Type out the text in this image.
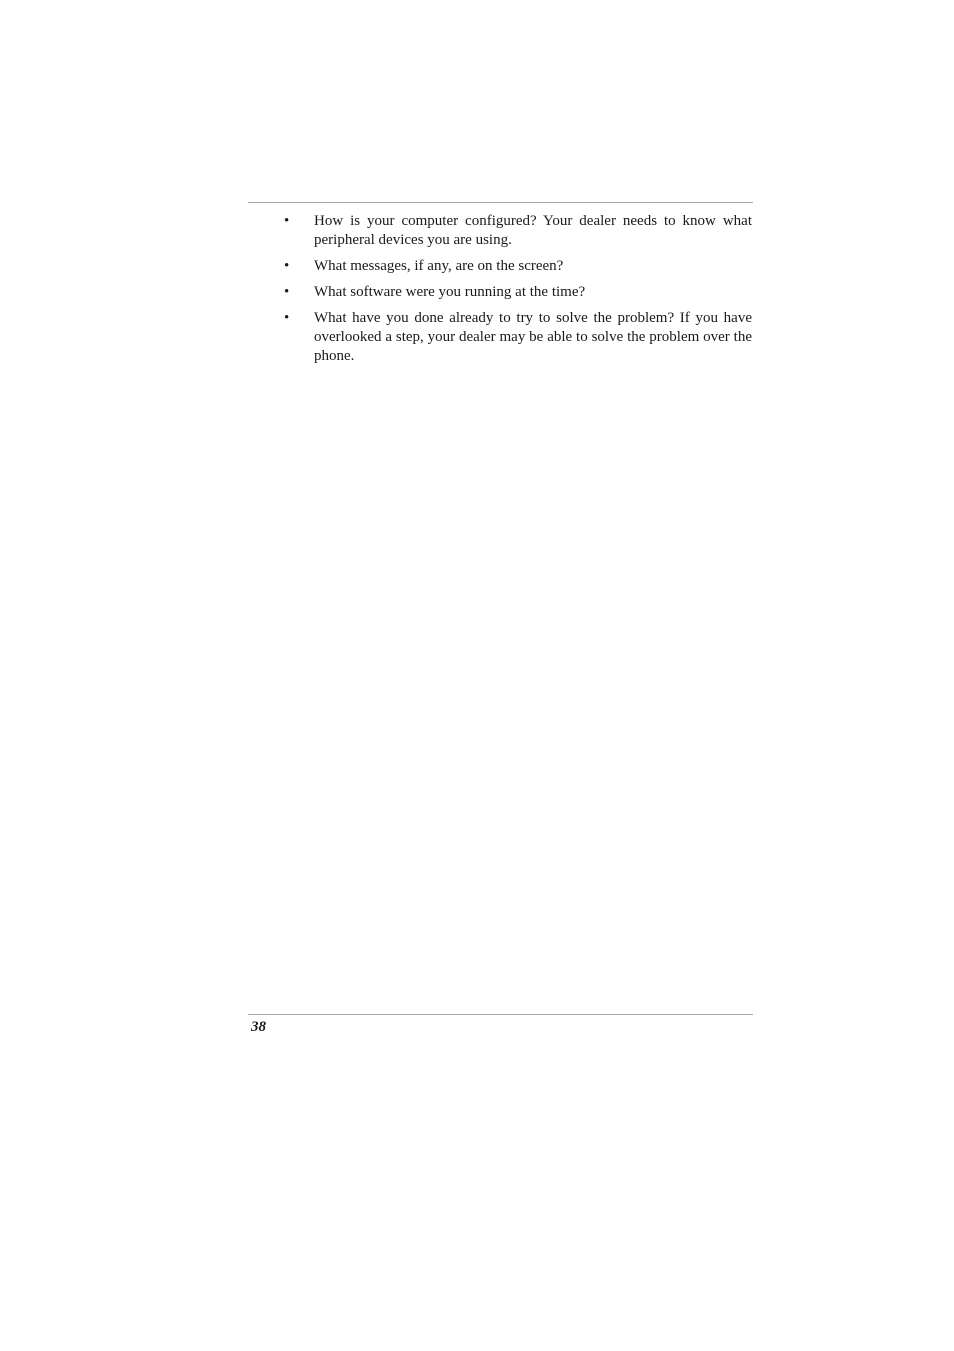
•	How is your computer configured? Your dealer needs to know what peripheral devices you are using.
•	What messages, if any, are on the screen?
•	What software were you running at the time?
•	What have you done already to try to solve the problem? If you have overlooked a step, your dealer may be able to solve the problem over the phone.
38
